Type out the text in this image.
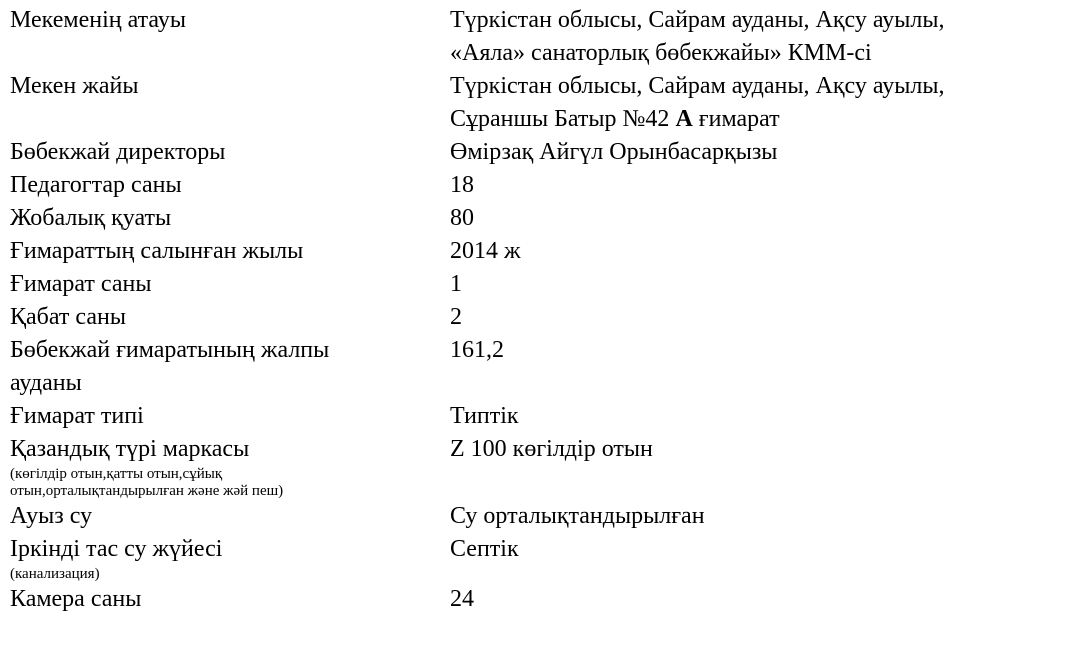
Мекеменің атауы	Түркістан облысы, Сайрам ауданы, Ақсу ауылы,
«Аяла» санаторлық бөбекжайы» КММ-сі

Мекен жайы	Түркістан облысы, Сайрам ауданы, Ақсу ауылы,
Сұраншы Батыр №42 А ғимарат

Бөбекжай директоры	Өмірзақ Айгүл Орынбасарқызы
Педагогтар саны	18
Жобалық қуаты	80
Ғимараттың салынған жылы	2014 ж
Ғимарат саны	1
Қабат саны	2

Бөбекжай ғимаратының жалпы
ауданы	161,2
Ғимарат типі	Типтік

Қазандық түрі маркасы
(көгілдір отын,қатты отын,сұйық
отын,орталықтандырылған және жәй пеш)	Z 100 көгілдір отын
Ауыз су	Су орталықтандырылған

Іркінді тас су жүйесі
(канализация)	Септік
Камера саны	24
